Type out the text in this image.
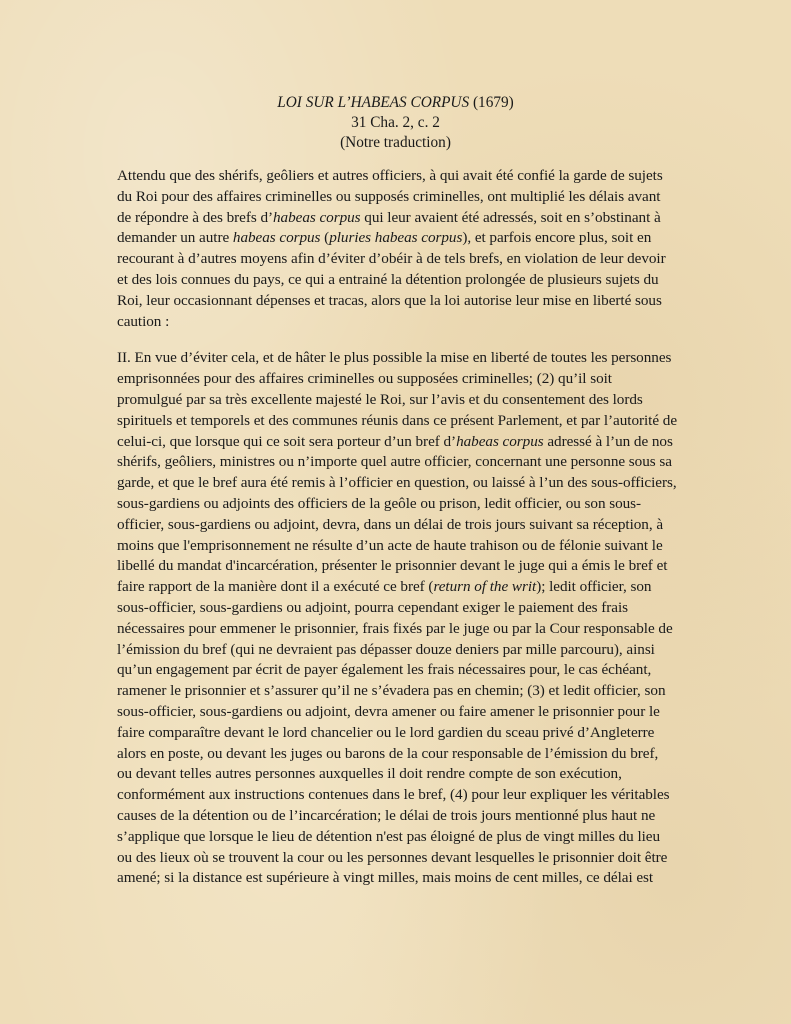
LOI SUR L’HABEAS CORPUS (1679)
31 Cha. 2, c. 2
(Notre traduction)

Attendu que des shérifs, geôliers et autres officiers, à qui avait été confié la garde de sujets du Roi pour des affaires criminelles ou supposés criminelles, ont multiplié les délais avant de répondre à des brefs d’habeas corpus qui leur avaient été adressés, soit en s’obstinant à demander un autre habeas corpus (pluries habeas corpus), et parfois encore plus, soit en recourant à d’autres moyens afin d’éviter d’obéir à de tels brefs, en violation de leur devoir et des lois connues du pays, ce qui a entrainé la détention prolongée de plusieurs sujets du Roi, leur occasionnant dépenses et tracas, alors que la loi autorise leur mise en liberté sous caution :

II. En vue d’éviter cela, et de hâter le plus possible la mise en liberté de toutes les personnes emprisonnées pour des affaires criminelles ou supposées criminelles; (2) qu’il soit promulgué par sa très excellente majesté le Roi, sur l’avis et du consentement des lords spirituels et temporels et des communes réunis dans ce présent Parlement, et par l’autorité de celui-ci, que lorsque qui ce soit sera porteur d’un bref d’habeas corpus adressé à l’un de nos shérifs, geôliers, ministres ou n’importe quel autre officier, concernant une personne sous sa garde, et que le bref aura été remis à l’officier en question, ou laissé à l’un des sous-officiers, sous-gardiens ou adjoints des officiers de la geôle ou prison, ledit officier, ou son sous-officier, sous-gardiens ou adjoint, devra, dans un délai de trois jours suivant sa réception, à moins que l'emprisonnement ne résulte d’un acte de haute trahison ou de félonie suivant le libellé du mandat d'incarcération, présenter le prisonnier devant le juge qui a émis le bref et faire rapport de la manière dont il a exécuté ce bref (return of the writ); ledit officier, son sous-officier, sous-gardiens ou adjoint, pourra cependant exiger le paiement des frais nécessaires pour emmener le prisonnier, frais fixés par le juge ou par la Cour responsable de l’émission du bref (qui ne devraient pas dépasser douze deniers par mille parcouru), ainsi qu’un engagement par écrit de payer également les frais nécessaires pour, le cas échéant, ramener le prisonnier et s’assurer qu’il ne s’évadera pas en chemin; (3) et ledit officier, son sous-officier, sous-gardiens ou adjoint, devra amener ou faire amener le prisonnier pour le faire comparaître devant le lord chancelier ou le lord gardien du sceau privé d’Angleterre alors en poste, ou devant les juges ou barons de la cour responsable de l’émission du bref, ou devant telles autres personnes auxquelles il doit rendre compte de son exécution, conformément aux instructions contenues dans le bref, (4) pour leur expliquer les véritables causes de la détention ou de l’incarcération; le délai de trois jours mentionné plus haut ne s’applique que lorsque le lieu de détention n'est pas éloigné de plus de vingt milles du lieu ou des lieux où se trouvent la cour ou les personnes devant lesquelles le prisonnier doit être amené; si la distance est supérieure à vingt milles, mais moins de cent milles, ce délai est
